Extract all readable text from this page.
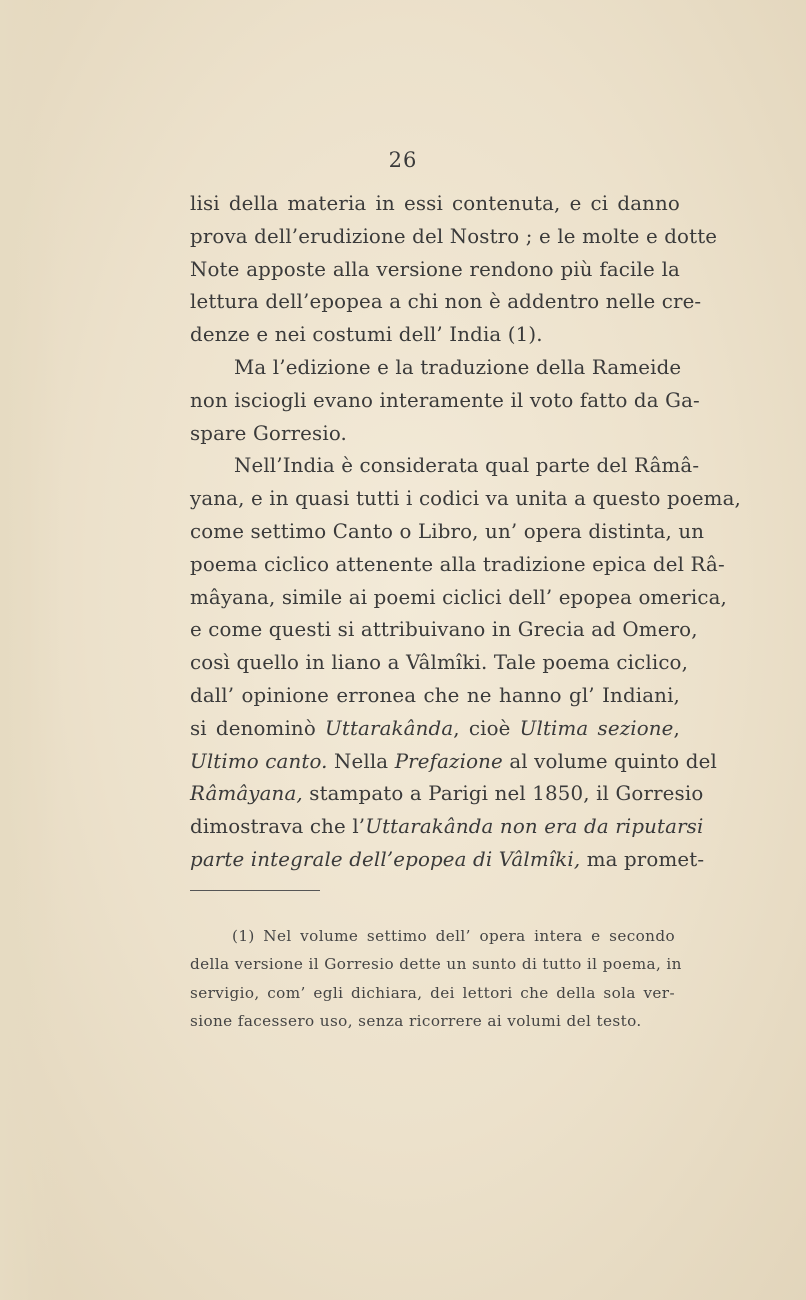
26
lisi della materia in essi contenuta, e ci danno
prova dell’erudizione del Nostro ; e le molte e dotte
Note apposte alla versione rendono più facile la
lettura dell’epopea a chi non è addentro nelle cre-
denze e nei costumi dell’ India (1).
Ma l’edizione e la traduzione della Rameide
non isciogli evano interamente il voto fatto da Ga-
spare Gorresio.
Nell’India è considerata qual parte del Râmâ-
yana, e in quasi tutti i codici va unita a questo poema,
come settimo Canto o Libro, un’ opera distinta, un
poema ciclico attenente alla tradizione epica del Râ-
mâyana, simile ai poemi ciclici dell’ epopea omerica,
e come questi si attribuivano in Grecia ad Omero,
così quello in liano a Vâlmîki. Tale poema ciclico,
dall’ opinione erronea che ne hanno gl’ Indiani,
si denominò Uttarakânda, cioè Ultima sezione,
Ultimo canto. Nella Prefazione al volume quinto del
Râmâyana, stampato a Parigi nel 1850, il Gorresio
dimostrava che l’Uttarakânda non era da riputarsi
parte integrale dell’epopea di Vâlmîki, ma promet-
(1) Nel volume settimo dell’ opera intera e secondo
della versione il Gorresio dette un sunto di tutto il poema, in
servigio, com’ egli dichiara, dei lettori che della sola ver-
sione facessero uso, senza ricorrere ai volumi del testo.
